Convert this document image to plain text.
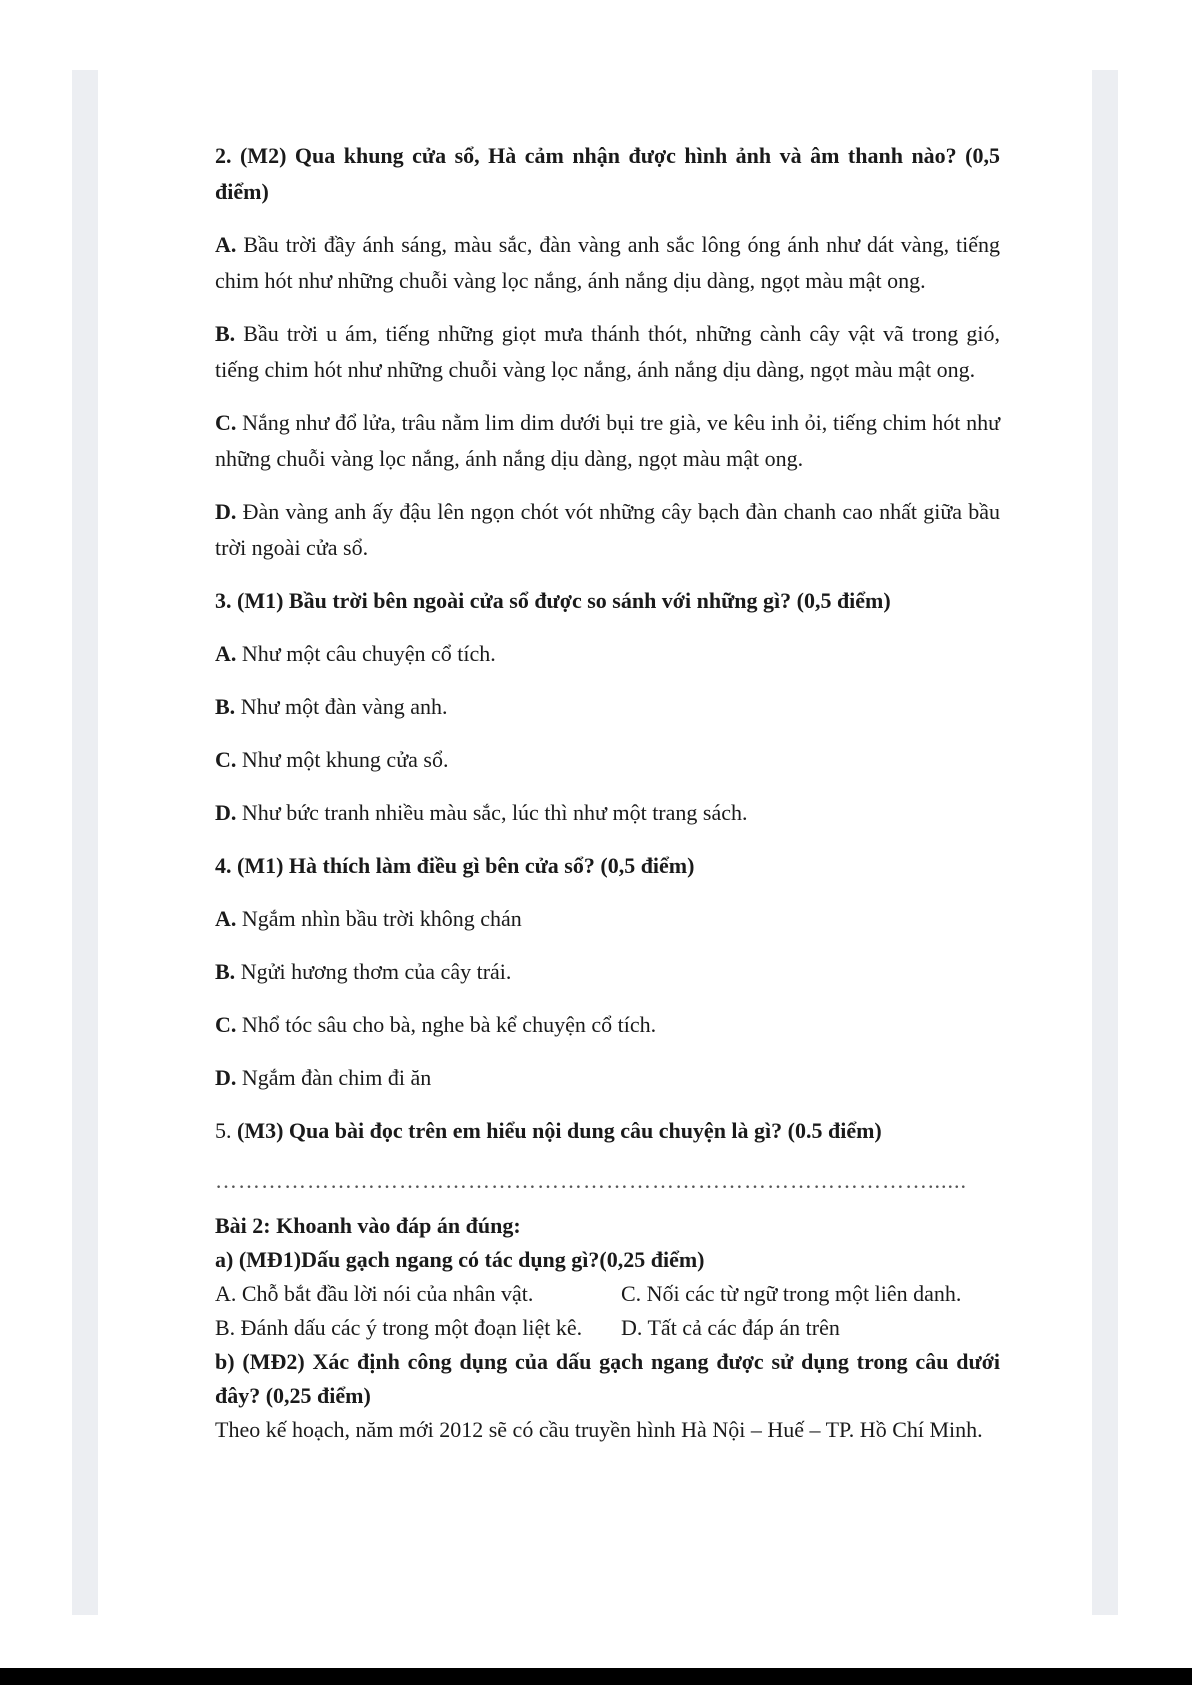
2. (M2) Qua khung cửa sổ, Hà cảm nhận được hình ảnh và âm thanh nào? (0,5 điểm)

A. Bầu trời đầy ánh sáng, màu sắc, đàn vàng anh sắc lông óng ánh như dát vàng, tiếng chim hót như những chuỗi vàng lọc nắng, ánh nắng dịu dàng, ngọt màu mật ong.

B. Bầu trời u ám, tiếng những giọt mưa thánh thót, những cành cây vật vã trong gió, tiếng chim hót như những chuỗi vàng lọc nắng, ánh nắng dịu dàng, ngọt màu mật ong.

C. Nắng như đổ lửa, trâu nằm lim dim dưới bụi tre già, ve kêu inh ỏi, tiếng chim hót như những chuỗi vàng lọc nắng, ánh nắng dịu dàng, ngọt màu mật ong.

D. Đàn vàng anh ấy đậu lên ngọn chót vót những cây bạch đàn chanh cao nhất giữa bầu trời ngoài cửa sổ.

3. (M1) Bầu trời bên ngoài cửa sổ được so sánh với những gì? (0,5 điểm)

A. Như một câu chuyện cổ tích.

B. Như một đàn vàng anh.

C. Như một khung cửa sổ.

D. Như bức tranh nhiều màu sắc, lúc thì như một trang sách.

4. (M1) Hà thích làm điều gì bên cửa sổ? (0,5 điểm)

A. Ngắm nhìn bầu trời không chán

B. Ngửi hương thơm của cây trái.

C. Nhổ tóc sâu cho bà, nghe bà kể chuyện cổ tích.

D. Ngắm đàn chim đi ăn

5. (M3) Qua bài đọc trên em hiểu nội dung câu chuyện là gì? (0.5 điểm)

…………………………………………………………………………………......

Bài 2: Khoanh vào đáp án đúng:

a) (MĐ1)Dấu gạch ngang có tác dụng gì?(0,25 điểm)

A. Chỗ bắt đầu lời nói của nhân vật.	C. Nối các từ ngữ trong một liên danh.
B. Đánh dấu các ý trong một đoạn liệt kê.	D. Tất cả các đáp án trên

b) (MĐ2) Xác định công dụng của dấu gạch ngang được sử dụng trong câu dưới đây? (0,25 điểm)

Theo kế hoạch, năm mới 2012 sẽ có cầu truyền hình Hà Nội – Huế – TP. Hồ Chí Minh.
